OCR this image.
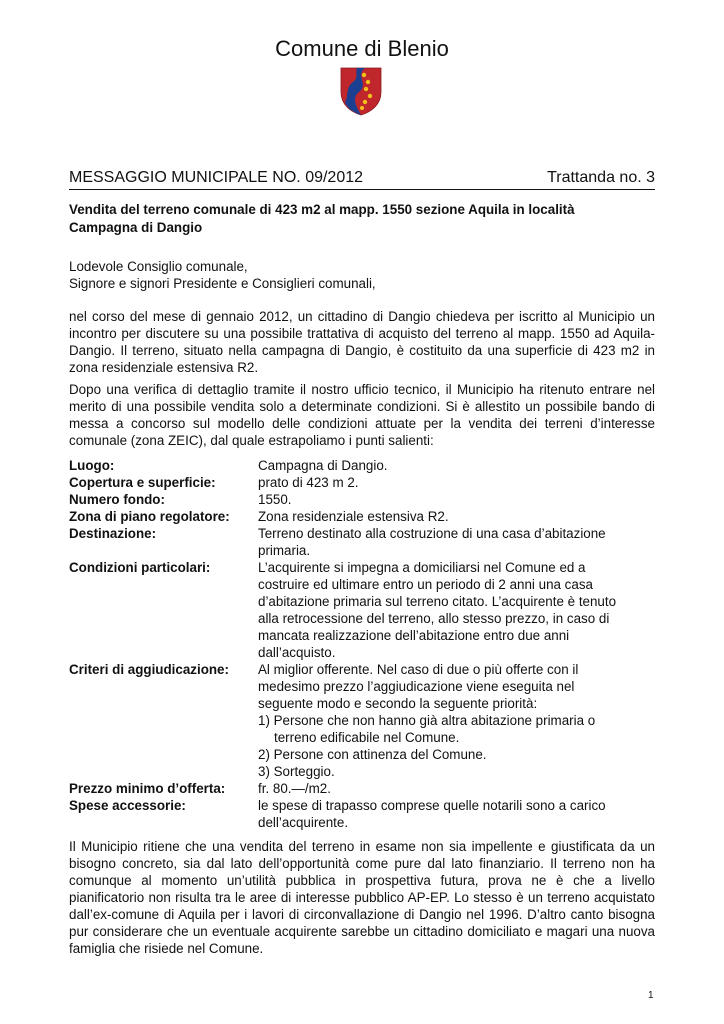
Comune di Blenio
MESSAGGIO MUNICIPALE NO. 09/2012	Trattanda no. 3
Vendita del terreno comunale di 423 m2 al mapp. 1550 sezione Aquila in località
Campagna di Dangio
Lodevole Consiglio comunale,
Signore e signori Presidente e Consiglieri comunali,
nel corso del mese di gennaio 2012, un cittadino di Dangio chiedeva per iscritto al Municipio un incontro per discutere su una possibile trattativa di acquisto del terreno al mapp. 1550 ad Aquila-Dangio. Il terreno, situato nella campagna di Dangio, è costituito da una superficie di 423 m2 in zona residenziale estensiva R2.
Dopo una verifica di dettaglio tramite il nostro ufficio tecnico, il Municipio ha ritenuto entrare nel merito di una possibile vendita solo a determinate condizioni. Si è allestito un possibile bando di messa a concorso sul modello delle condizioni attuate per la vendita dei terreni d’interesse comunale (zona ZEIC), dal quale estrapoliamo i punti salienti:
Luogo:	Campagna di Dangio.
Copertura e superficie:	prato di 423 m 2.
Numero fondo:	1550.
Zona di piano regolatore:	Zona residenziale estensiva R2.
Destinazione:	Terreno destinato alla costruzione di una casa d’abitazione
primaria.
Condizioni particolari:	L’acquirente si impegna a domiciliarsi nel Comune ed a
costruire ed ultimare entro un periodo di 2 anni una casa
d’abitazione primaria sul terreno citato. L’acquirente è tenuto
alla retrocessione del terreno, allo stesso prezzo, in caso di
mancata realizzazione dell’abitazione entro due anni
dall’acquisto.
Criteri di aggiudicazione:	Al miglior offerente. Nel caso di due o più offerte con il
medesimo prezzo l’aggiudicazione viene eseguita nel
seguente modo e secondo la seguente priorità:
1) Persone che non hanno già altra abitazione primaria o
terreno edificabile nel Comune.
2) Persone con attinenza del Comune.
3) Sorteggio.
Prezzo minimo d’offerta:	fr. 80.—/m2.
Spese accessorie:	le spese di trapasso comprese quelle notarili sono a carico
dell’acquirente.
Il Municipio ritiene che una vendita del terreno in esame non sia impellente e giustificata da un bisogno concreto, sia dal lato dell’opportunità come pure dal lato finanziario. Il terreno non ha comunque al momento un’utilità pubblica in prospettiva futura, prova ne è che a livello pianificatorio non risulta tra le aree di interesse pubblico AP-EP. Lo stesso è un terreno acquistato dall’ex-comune di Aquila per i lavori di circonvallazione di Dangio nel 1996. D’altro canto bisogna pur considerare che un eventuale acquirente sarebbe un cittadino domiciliato e magari una nuova famiglia che risiede nel Comune.
1
